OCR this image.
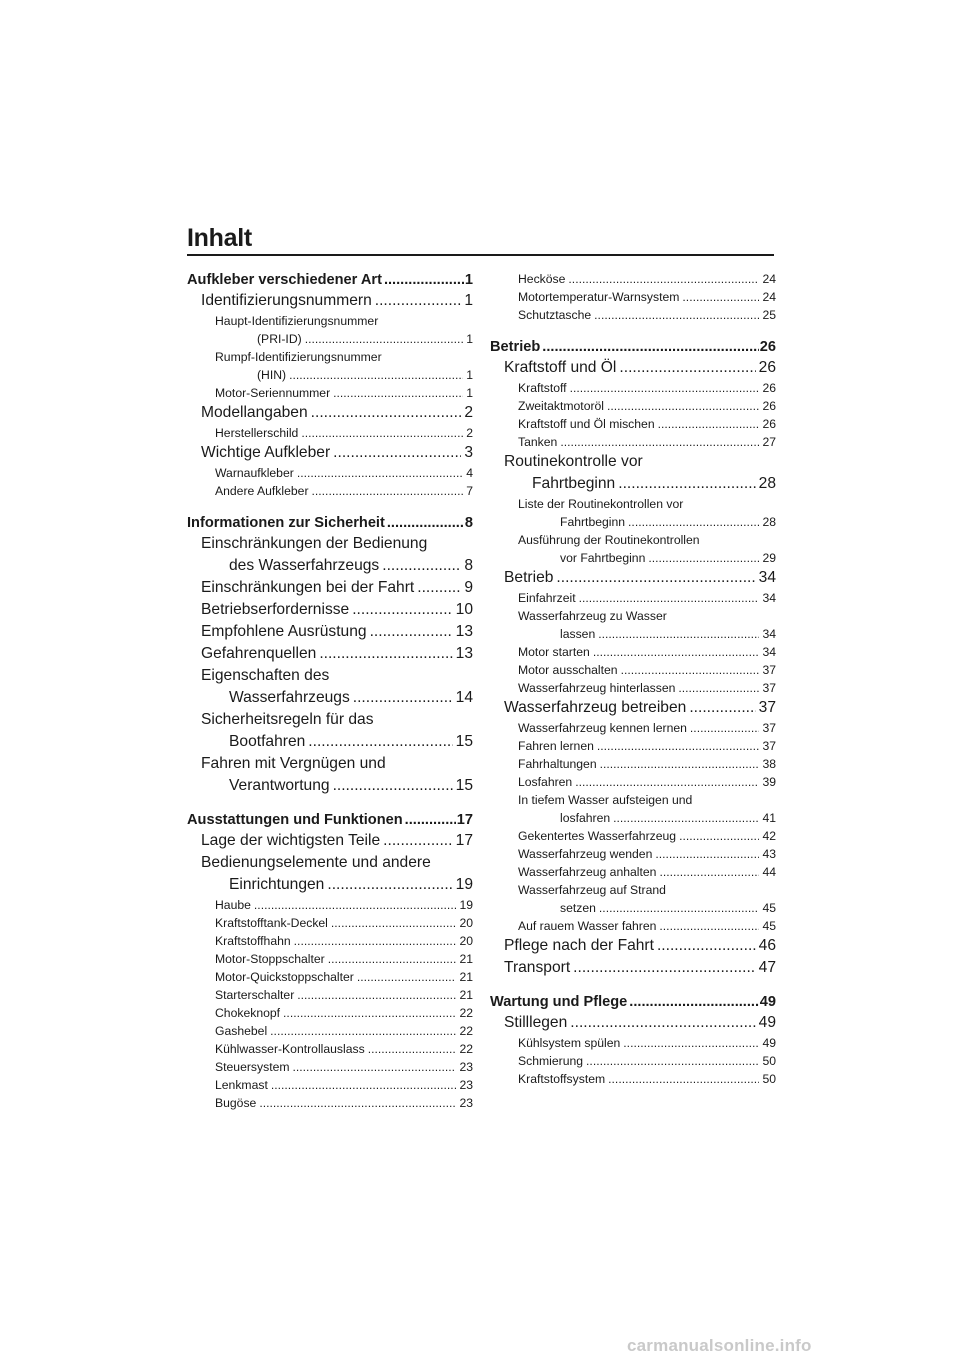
Inhalt
Aufkleber verschiedener Art .....	1
Identifizierungsnummern .....	1
Haupt-Identifizierungsnummer
(PRI-ID) .....	1
Rumpf-Identifizierungsnummer
(HIN) .....	1
Motor-Seriennummer .....	1
Modellangaben .....	2
Herstellerschild .....	2
Wichtige Aufkleber .....	3
Warnaufkleber .....	4
Andere Aufkleber .....	7
Informationen zur Sicherheit .....	8
Einschränkungen der Bedienung
des Wasserfahrzeugs .....	8
Einschränkungen bei der Fahrt .....	9
Betriebserfordernisse .....	10
Empfohlene Ausrüstung .....	13
Gefahrenquellen .....	13
Eigenschaften des
Wasserfahrzeugs .....	14
Sicherheitsregeln für das
Bootfahren .....	15
Fahren mit Vergnügen und
Verantwortung .....	15
Ausstattungen und Funktionen .....	17
Lage der wichtigsten Teile .....	17
Bedienungselemente und andere
Einrichtungen .....	19
Haube .....	19
Kraftstofftank-Deckel .....	20
Kraftstoffhahn .....	20
Motor-Stoppschalter .....	21
Motor-Quickstoppschalter .....	21
Starterschalter .....	21
Chokeknopf .....	22
Gashebel .....	22
Kühlwasser-Kontrollauslass .....	22
Steuersystem .....	23
Lenkmast .....	23
Bugöse .....	23
Hecköse .....	24
Motortemperatur-Warnsystem .....	24
Schutztasche .....	25
Betrieb .....	26
Kraftstoff und Öl .....	26
Kraftstoff .....	26
Zweitaktmotoröl .....	26
Kraftstoff und Öl mischen .....	26
Tanken .....	27
Routinekontrolle vor
Fahrtbeginn .....	28
Liste der Routinekontrollen vor
Fahrtbeginn .....	28
Ausführung der Routinekontrollen
vor Fahrtbeginn .....	29
Betrieb .....	34
Einfahrzeit .....	34
Wasserfahrzeug zu Wasser
lassen .....	34
Motor starten .....	34
Motor ausschalten .....	37
Wasserfahrzeug hinterlassen .....	37
Wasserfahrzeug betreiben .....	37
Wasserfahrzeug kennen lernen .....	37
Fahren lernen .....	37
Fahrhaltungen .....	38
Losfahren .....	39
In tiefem Wasser aufsteigen und
losfahren .....	41
Gekentertes Wasserfahrzeug .....	42
Wasserfahrzeug wenden .....	43
Wasserfahrzeug anhalten .....	44
Wasserfahrzeug auf Strand
setzen .....	45
Auf rauem Wasser fahren .....	45
Pflege nach der Fahrt .....	46
Transport .....	47
Wartung und Pflege .....	49
Stilllegen .....	49
Kühlsystem spülen .....	49
Schmierung .....	50
Kraftstoffsystem .....	50
carmanualsonline.info
